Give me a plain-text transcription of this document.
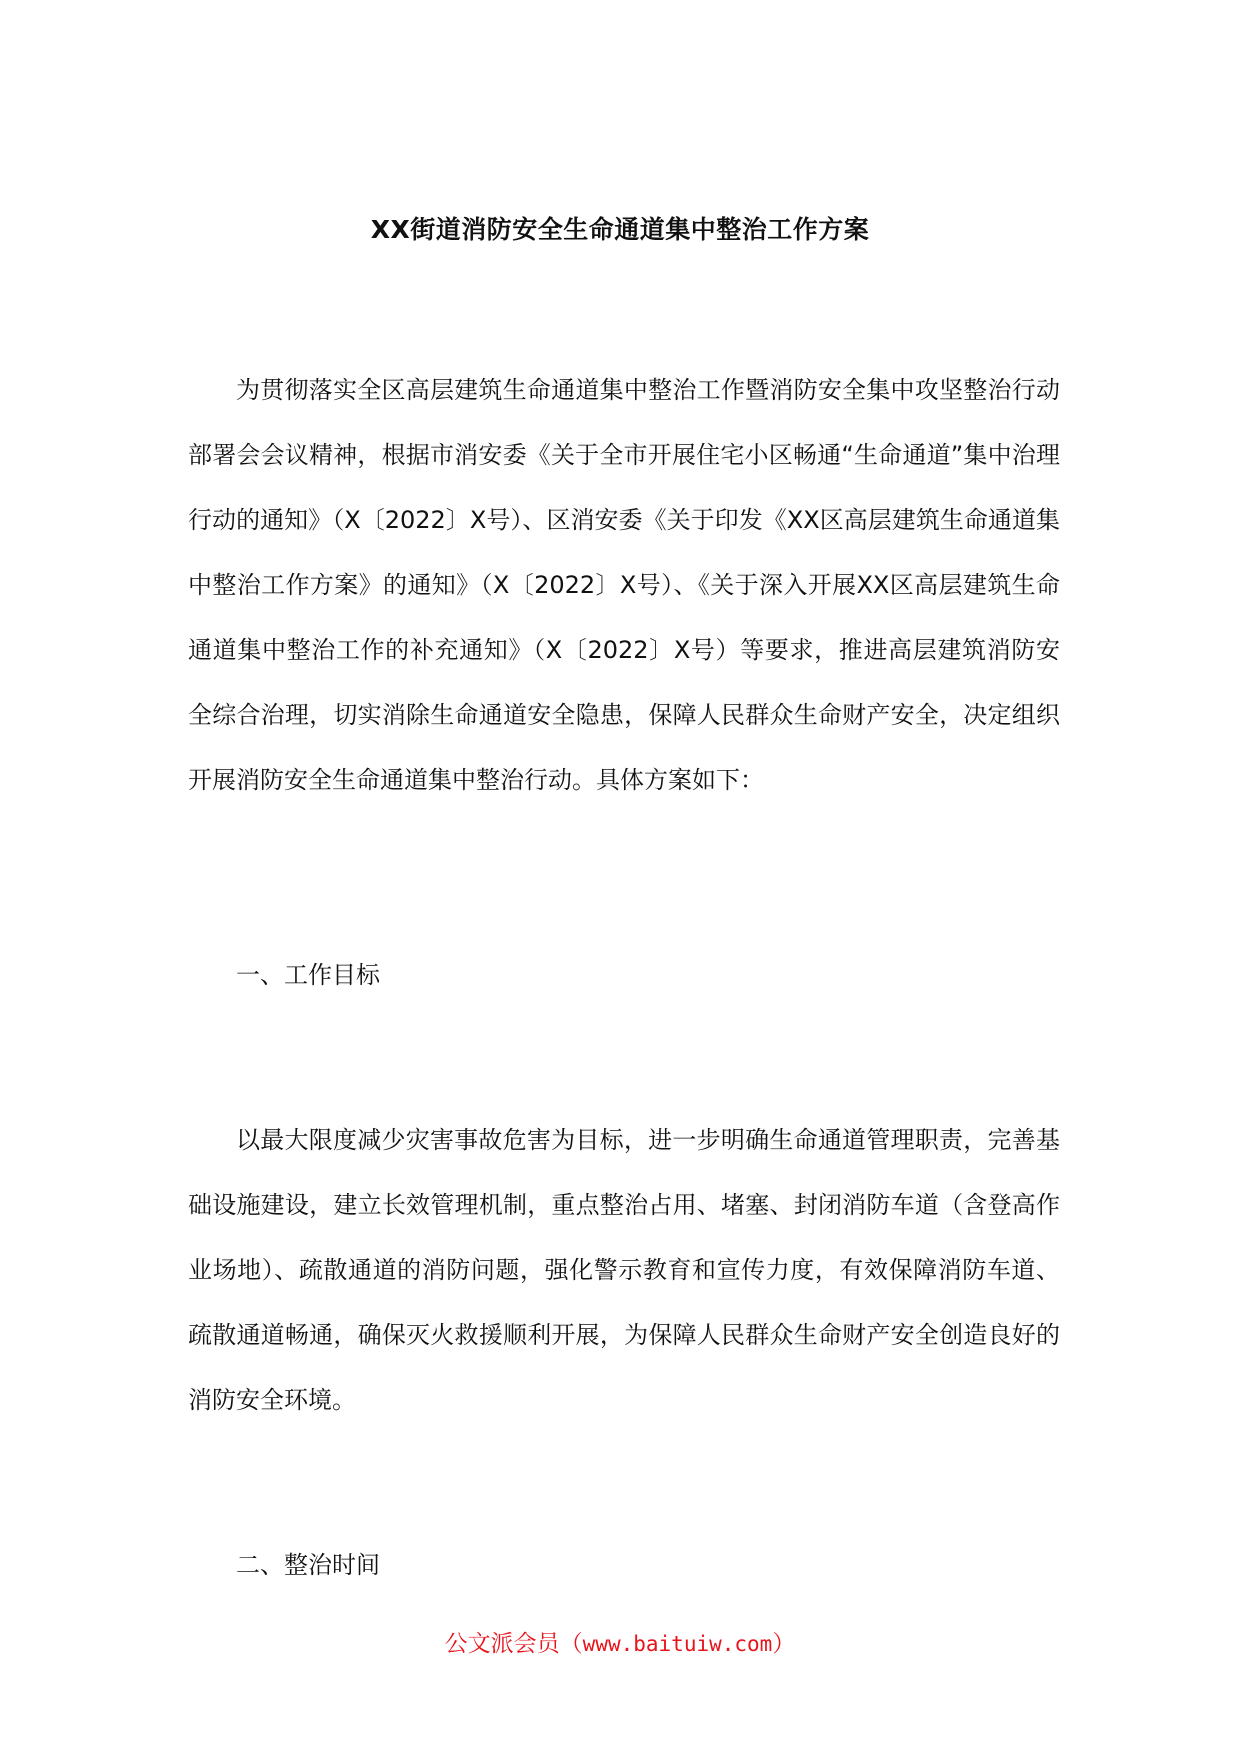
XX街道消防安全生命通道集中整治工作方案

为贯彻落实全区高层建筑生命通道集中整治工作暨消防安全集中攻坚整治行动部署会会议精神，根据市消安委《关于全市开展住宅小区畅通“生命通道”集中治理行动的通知》（X〔2022〕X号）、区消安委《关于印发《XX区高层建筑生命通道集中整治工作方案》的通知》（X〔2022〕X号）、《关于深入开展XX区高层建筑生命通道集中整治工作的补充通知》（X〔2022〕X号）等要求，推进高层建筑消防安全综合治理，切实消除生命通道安全隐患，保障人民群众生命财产安全，决定组织开展消防安全生命通道集中整治行动。具体方案如下：

一、工作目标

以最大限度减少灾害事故危害为目标，进一步明确生命通道管理职责，完善基础设施建设，建立长效管理机制，重点整治占用、堵塞、封闭消防车道（含登高作业场地）、疏散通道的消防问题，强化警示教育和宣传力度，有效保障消防车道、疏散通道畅通，确保灭火救援顺利开展，为保障人民群众生命财产安全创造良好的消防安全环境。

二、整治时间

公文派会员（www.baituiw.com）
